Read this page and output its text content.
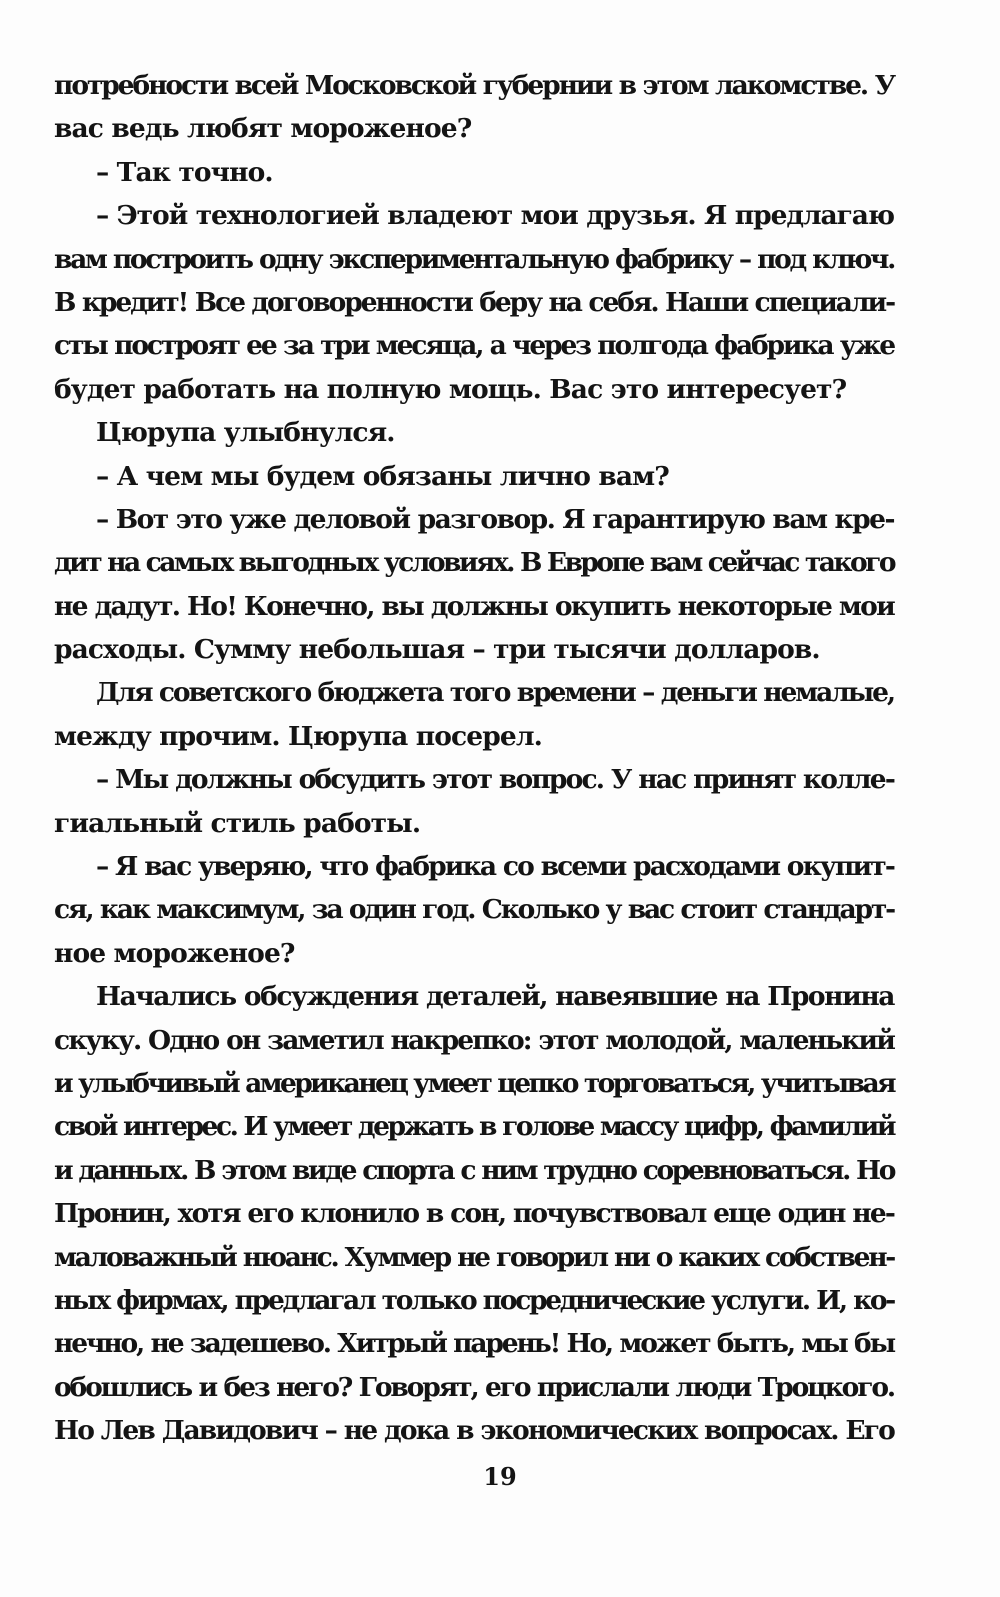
потребности всей Московской губернии в этом лакомстве. У
вас ведь любят мороженое?
– Так точно.
– Этой технологией владеют мои друзья. Я предлагаю
вам построить одну экспериментальную фабрику – под ключ.
В кредит! Все договоренности беру на себя. Наши специали-
сты построят ее за три месяца, а через полгода фабрика уже
будет работать на полную мощь. Вас это интересует?
Цюрупа улыбнулся.
– А чем мы будем обязаны лично вам?
– Вот это уже деловой разговор. Я гарантирую вам кре-
дит на самых выгодных условиях. В Европе вам сейчас такого
не дадут. Но! Конечно, вы должны окупить некоторые мои
расходы. Сумму небольшая – три тысячи долларов.
Для советского бюджета того времени – деньги немалые,
между прочим. Цюрупа посерел.
– Мы должны обсудить этот вопрос. У нас принят колле-
гиальный стиль работы.
– Я вас уверяю, что фабрика со всеми расходами окупит-
ся, как максимум, за один год. Сколько у вас стоит стандарт-
ное мороженое?
Начались обсуждения деталей, навеявшие на Пронина
скуку. Одно он заметил накрепко: этот молодой, маленький
и улыбчивый американец умеет цепко торговаться, учитывая
свой интерес. И умеет держать в голове массу цифр, фамилий
и данных. В этом виде спорта с ним трудно соревноваться. Но
Пронин, хотя его клонило в сон, почувствовал еще один не-
маловажный нюанс. Хуммер не говорил ни о каких собствен-
ных фирмах, предлагал только посреднические услуги. И, ко-
нечно, не задешево. Хитрый парень! Но, может быть, мы бы
обошлись и без него? Говорят, его прислали люди Троцкого.
Но Лев Давидович – не дока в экономических вопросах. Его
19
